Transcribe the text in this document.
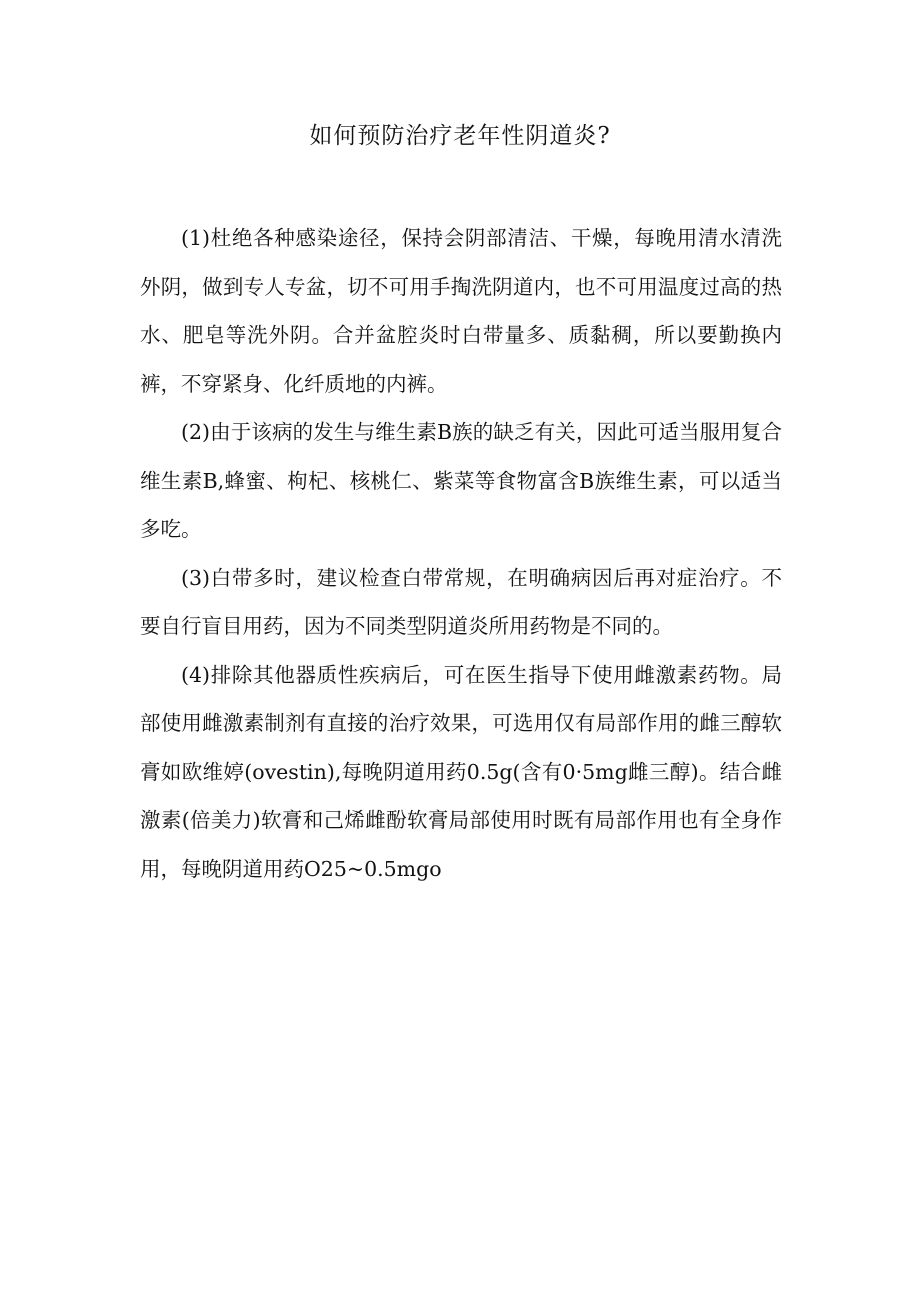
如何预防治疗老年性阴道炎?

(1)杜绝各种感染途径，保持会阴部清洁、干燥，每晚用清水清洗外阴，做到专人专盆，切不可用手掏洗阴道内，也不可用温度过高的热水、肥皂等洗外阴。合并盆腔炎时白带量多、质黏稠，所以要勤换内裤，不穿紧身、化纤质地的内裤。

(2)由于该病的发生与维生素B族的缺乏有关，因此可适当服用复合维生素B,蜂蜜、枸杞、核桃仁、紫菜等食物富含B族维生素，可以适当多吃。

(3)白带多时，建议检查白带常规，在明确病因后再对症治疗。不要自行盲目用药，因为不同类型阴道炎所用药物是不同的。

(4)排除其他器质性疾病后，可在医生指导下使用雌激素药物。局部使用雌激素制剂有直接的治疗效果，可选用仅有局部作用的雌三醇软膏如欧维婷(ovestin),每晚阴道用药0.5g(含有0·5mg雌三醇)。结合雌激素(倍美力)软膏和己烯雌酚软膏局部使用时既有局部作用也有全身作用，每晚阴道用药O25~0.5mgo
